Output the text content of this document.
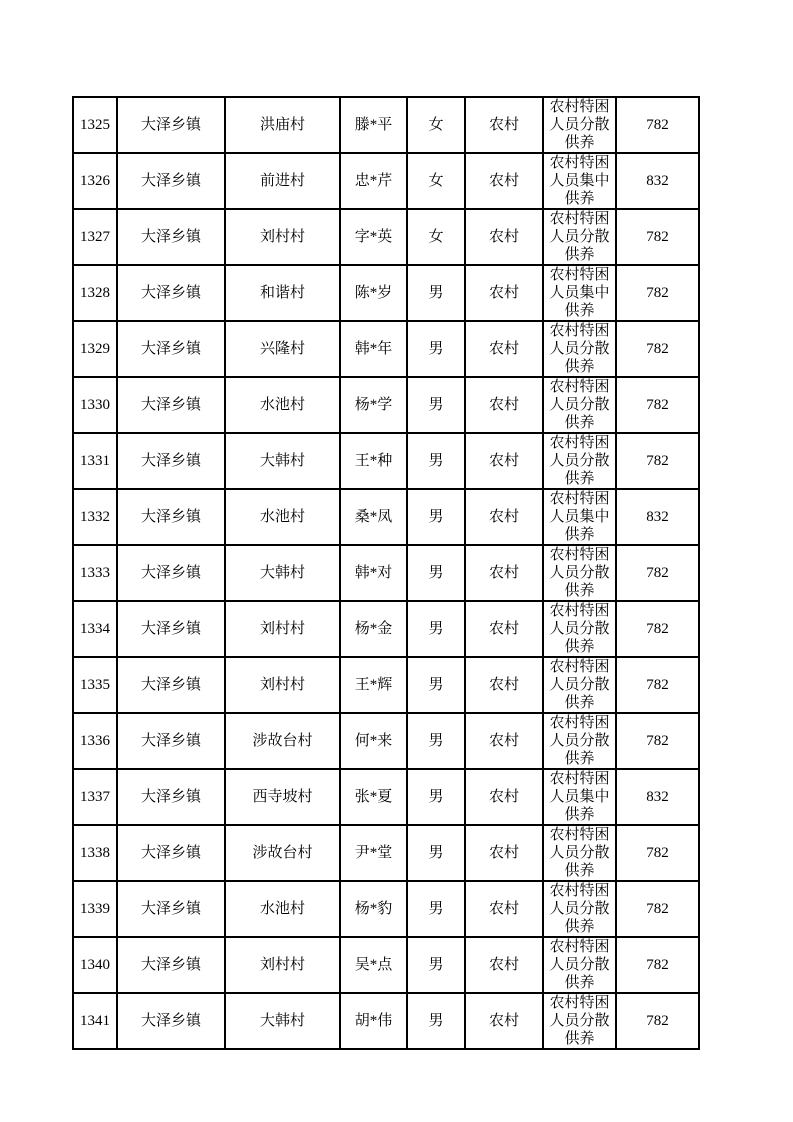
1325	大泽乡镇	洪庙村	滕*平	女	农村	农村特困人员分散供养	782
1326	大泽乡镇	前进村	忠*芹	女	农村	农村特困人员集中供养	832
1327	大泽乡镇	刘村村	字*英	女	农村	农村特困人员分散供养	782
1328	大泽乡镇	和谐村	陈*岁	男	农村	农村特困人员集中供养	782
1329	大泽乡镇	兴隆村	韩*年	男	农村	农村特困人员分散供养	782
1330	大泽乡镇	水池村	杨*学	男	农村	农村特困人员分散供养	782
1331	大泽乡镇	大韩村	王*种	男	农村	农村特困人员分散供养	782
1332	大泽乡镇	水池村	桑*凤	男	农村	农村特困人员集中供养	832
1333	大泽乡镇	大韩村	韩*对	男	农村	农村特困人员分散供养	782
1334	大泽乡镇	刘村村	杨*金	男	农村	农村特困人员分散供养	782
1335	大泽乡镇	刘村村	王*辉	男	农村	农村特困人员分散供养	782
1336	大泽乡镇	涉故台村	何*来	男	农村	农村特困人员分散供养	782
1337	大泽乡镇	西寺坡村	张*夏	男	农村	农村特困人员集中供养	832
1338	大泽乡镇	涉故台村	尹*堂	男	农村	农村特困人员分散供养	782
1339	大泽乡镇	水池村	杨*豹	男	农村	农村特困人员分散供养	782
1340	大泽乡镇	刘村村	吴*点	男	农村	农村特困人员分散供养	782
1341	大泽乡镇	大韩村	胡*伟	男	农村	农村特困人员分散供养	782
